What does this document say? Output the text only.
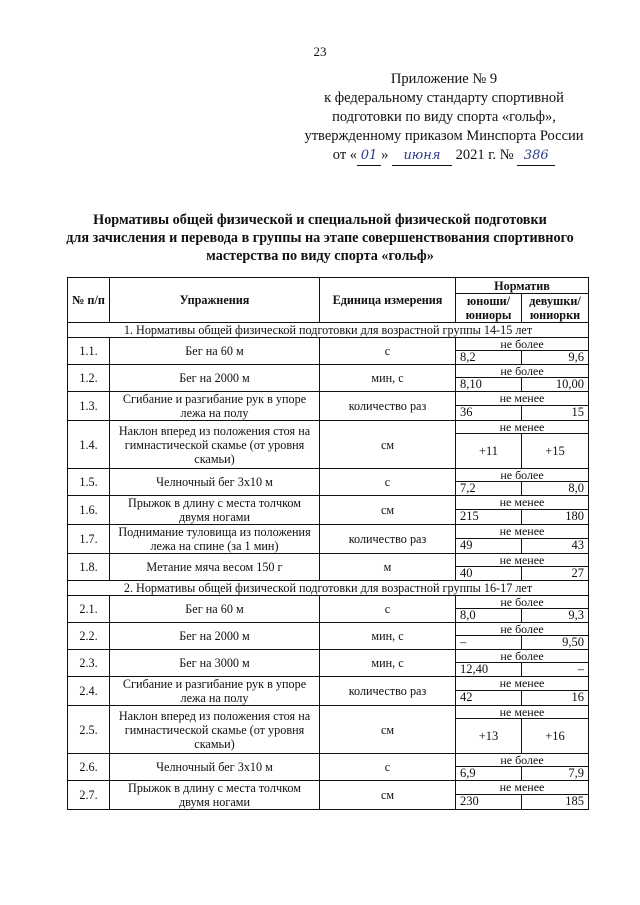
23
Приложение № 9
к федеральному стандарту спортивной
подготовки по виду спорта «гольф»,
утвержденному приказом Минспорта России
от « 01 » июня 2021 г. № 386
Нормативы общей физической и специальной физической подготовки
для зачисления и перевода в группы на этапе совершенствования спортивного
мастерства по виду спорта «гольф»
№ п/п	Упражнения	Единица измерения	Норматив	
			юноши/ юниоры	девушки/ юниорки
1. Нормативы общей физической подготовки для возрастной группы 14-15 лет				
1.1.	Бег на 60 м	с	не более	
			8,2	9,6
1.2.	Бег на 2000 м	мин, с	не более	
			8,10	10,00
1.3.	Сгибание и разгибание рук в упоре лежа на полу	количество раз	не менее	
			36	15
1.4.	Наклон вперед из положения стоя на гимнастической скамье (от уровня скамьи)	см	не менее	
			+11	+15
1.5.	Челночный бег 3х10 м	с	не более	
			7,2	8,0
1.6.	Прыжок в длину с места толчком двумя ногами	см	не менее	
			215	180
1.7.	Поднимание туловища из положения лежа на спине (за 1 мин)	количество раз	не менее	
			49	43
1.8.	Метание мяча весом 150 г	м	не менее	
			40	27
2. Нормативы общей физической подготовки для возрастной группы 16-17 лет				
2.1.	Бег на 60 м	с	не более	
			8,0	9,3
2.2.	Бег на 2000 м	мин, с	не более	
			–	9,50
2.3.	Бег на 3000 м	мин, с	не более	
			12,40	–
2.4.	Сгибание и разгибание рук в упоре лежа на полу	количество раз	не менее	
			42	16
2.5.	Наклон вперед из положения стоя на гимнастической скамье (от уровня скамьи)	см	не менее	
			+13	+16
2.6.	Челночный бег 3х10 м	с	не более	
			6,9	7,9
2.7.	Прыжок в длину с места толчком двумя ногами	см	не менее	
			230	185
